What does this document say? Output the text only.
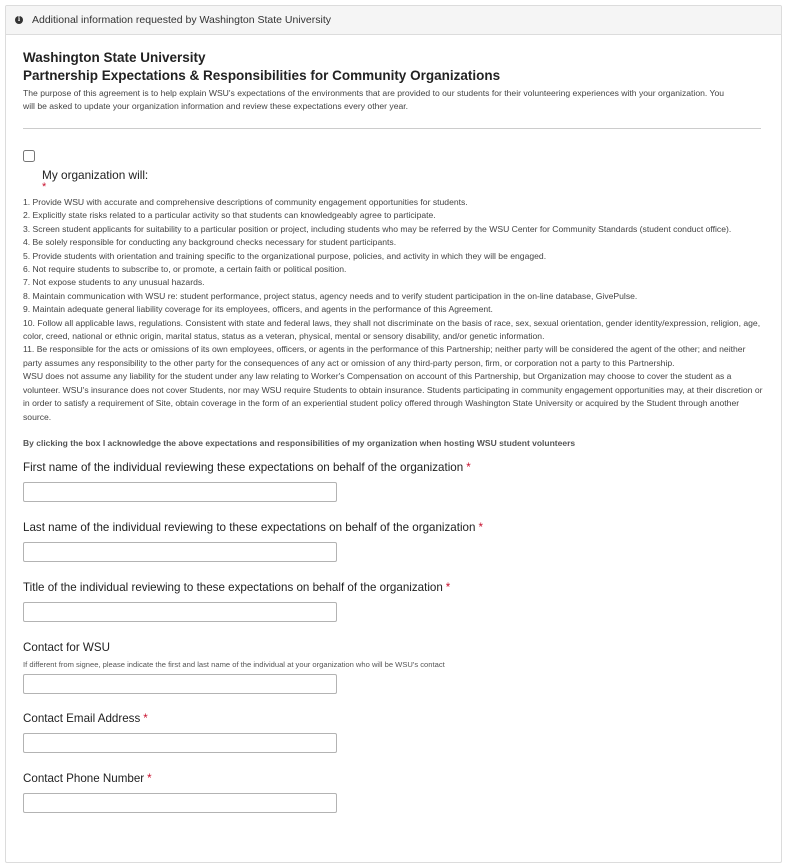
i Additional information requested by Washington State University
Washington State University
Partnership Expectations & Responsibilities for Community Organizations
The purpose of this agreement is to help explain WSU's expectations of the environments that are provided to our students for their volunteering experiences with your organization. You will be asked to update your organization information and review these expectations every other year.
My organization will:
*
1. Provide WSU with accurate and comprehensive descriptions of community engagement opportunities for students.
2. Explicitly state risks related to a particular activity so that students can knowledgeably agree to participate.
3. Screen student applicants for suitability to a particular position or project, including students who may be referred by the WSU Center for Community Standards (student conduct office).
4. Be solely responsible for conducting any background checks necessary for student participants.
5. Provide students with orientation and training specific to the organizational purpose, policies, and activity in which they will be engaged.
6. Not require students to subscribe to, or promote, a certain faith or political position.
7. Not expose students to any unusual hazards.
8. Maintain communication with WSU re: student performance, project status, agency needs and to verify student participation in the on-line database, GivePulse.
9. Maintain adequate general liability coverage for its employees, officers, and agents in the performance of this Agreement.
10. Follow all applicable laws, regulations. Consistent with state and federal laws, they shall not discriminate on the basis of race, sex, sexual orientation, gender identity/expression, religion, age, color, creed, national or ethnic origin, marital status, status as a veteran, physical, mental or sensory disability, and/or genetic information.
11. Be responsible for the acts or omissions of its own employees, officers, or agents in the performance of this Partnership; neither party will be considered the agent of the other; and neither party assumes any responsibility to the other party for the consequences of any act or omission of any third-party person, firm, or corporation not a party to this Partnership.
WSU does not assume any liability for the student under any law relating to Worker's Compensation on account of this Partnership, but Organization may choose to cover the student as a volunteer. WSU's insurance does not cover Students, nor may WSU require Students to obtain insurance. Students participating in community engagement opportunities may, at their discretion or in order to satisfy a requirement of Site, obtain coverage in the form of an experiential student policy offered through Washington State University or acquired by the Student through another source.
By clicking the box I acknowledge the above expectations and responsibilities of my organization when hosting WSU student volunteers
First name of the individual reviewing these expectations on behalf of the organization *
Last name of the individual reviewing to these expectations on behalf of the organization *
Title of the individual reviewing to these expectations on behalf of the organization *
Contact for WSU
If different from signee, please indicate the first and last name of the individual at your organization who will be WSU's contact
Contact Email Address *
Contact Phone Number *
